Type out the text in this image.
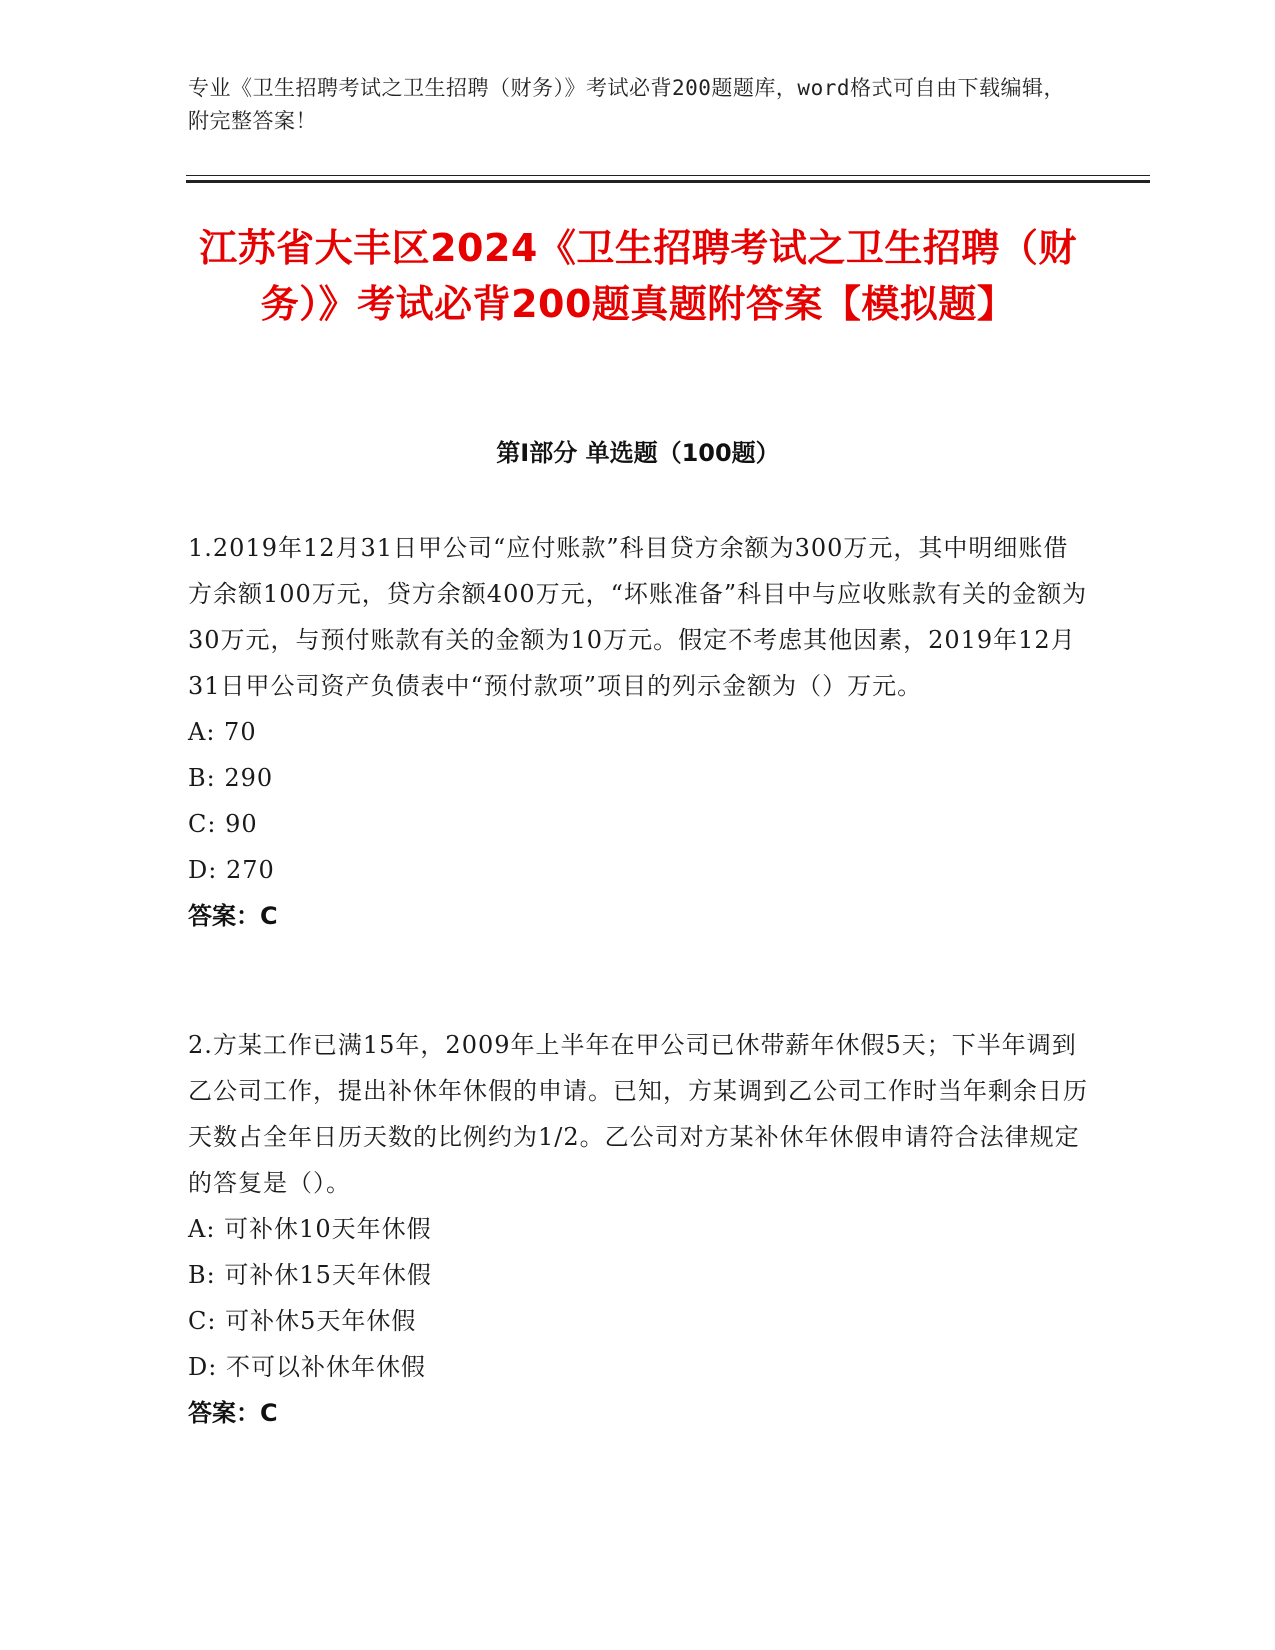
专业《卫生招聘考试之卫生招聘（财务）》考试必背200题题库，word格式可自由下载编辑，附完整答案！
江苏省大丰区2024《卫生招聘考试之卫生招聘（财务）》考试必背200题真题附答案【模拟题】
第I部分 单选题（100题）

1.2019年12月31日甲公司“应付账款”科目贷方余额为300万元，其中明细账借方余额100万元，贷方余额400万元，“坏账准备”科目中与应收账款有关的金额为30万元，与预付账款有关的金额为10万元。假定不考虑其他因素，2019年12月31日甲公司资产负债表中“预付款项”项目的列示金额为（）万元。

A: 70

B: 290

C: 90

D: 270

答案：C

2.方某工作已满15年，2009年上半年在甲公司已休带薪年休假5天；下半年调到乙公司工作，提出补休年休假的申请。已知，方某调到乙公司工作时当年剩余日历天数占全年日历天数的比例约为1/2。乙公司对方某补休年休假申请符合法律规定的答复是（）。

A: 可补休10天年休假

B: 可补休15天年休假

C: 可补休5天年休假

D: 不可以补休年休假

答案：C
